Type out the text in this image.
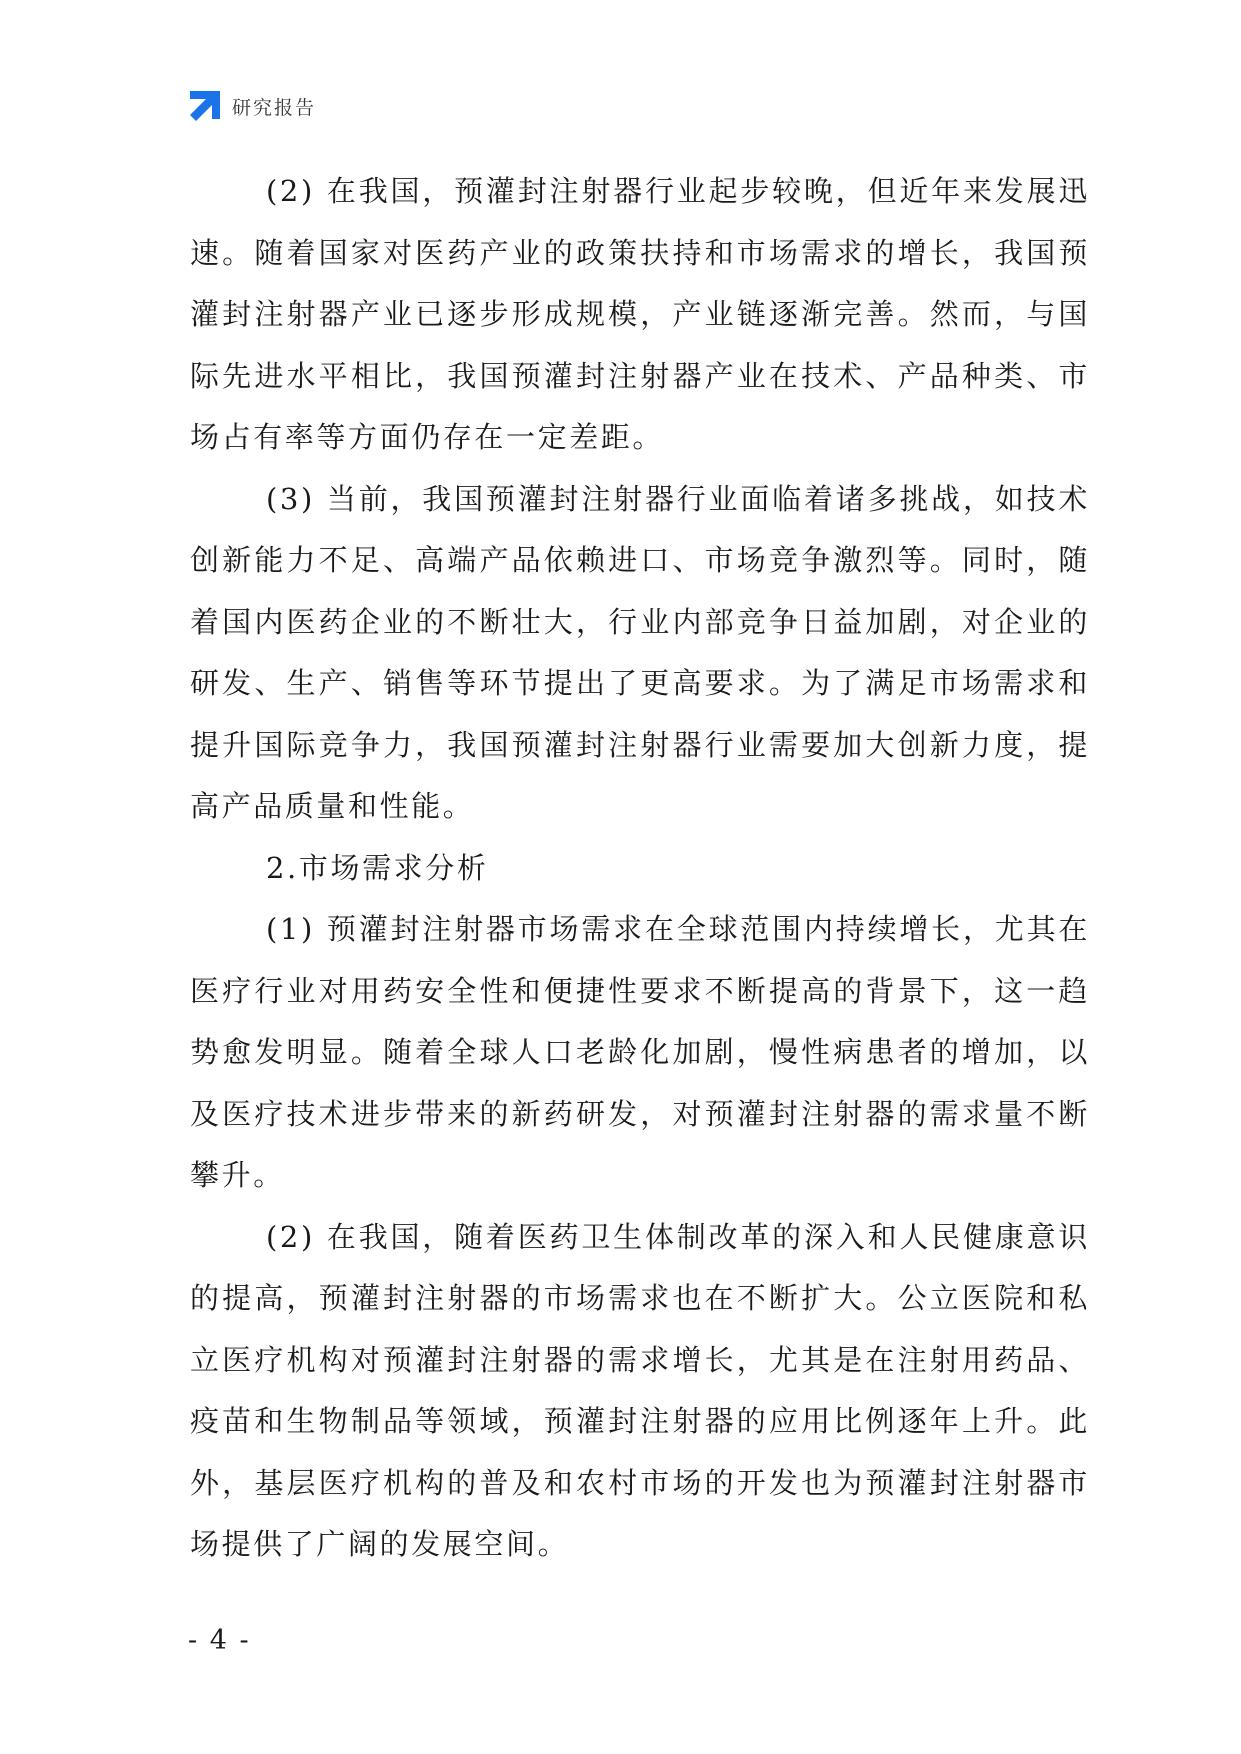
研究报告

(2) 在我国，预灌封注射器行业起步较晚，但近年来发展迅速。随着国家对医药产业的政策扶持和市场需求的增长，我国预灌封注射器产业已逐步形成规模，产业链逐渐完善。然而，与国际先进水平相比，我国预灌封注射器产业在技术、产品种类、市场占有率等方面仍存在一定差距。

(3) 当前，我国预灌封注射器行业面临着诸多挑战，如技术创新能力不足、高端产品依赖进口、市场竞争激烈等。同时，随着国内医药企业的不断壮大，行业内部竞争日益加剧，对企业的研发、生产、销售等环节提出了更高要求。为了满足市场需求和提升国际竞争力，我国预灌封注射器行业需要加大创新力度，提高产品质量和性能。

2.市场需求分析

(1) 预灌封注射器市场需求在全球范围内持续增长，尤其在医疗行业对用药安全性和便捷性要求不断提高的背景下，这一趋势愈发明显。随着全球人口老龄化加剧，慢性病患者的增加，以及医疗技术进步带来的新药研发，对预灌封注射器的需求量不断攀升。

(2) 在我国，随着医药卫生体制改革的深入和人民健康意识的提高，预灌封注射器的市场需求也在不断扩大。公立医院和私立医疗机构对预灌封注射器的需求增长，尤其是在注射用药品、疫苗和生物制品等领域，预灌封注射器的应用比例逐年上升。此外，基层医疗机构的普及和农村市场的开发也为预灌封注射器市场提供了广阔的发展空间。

- 4 -
